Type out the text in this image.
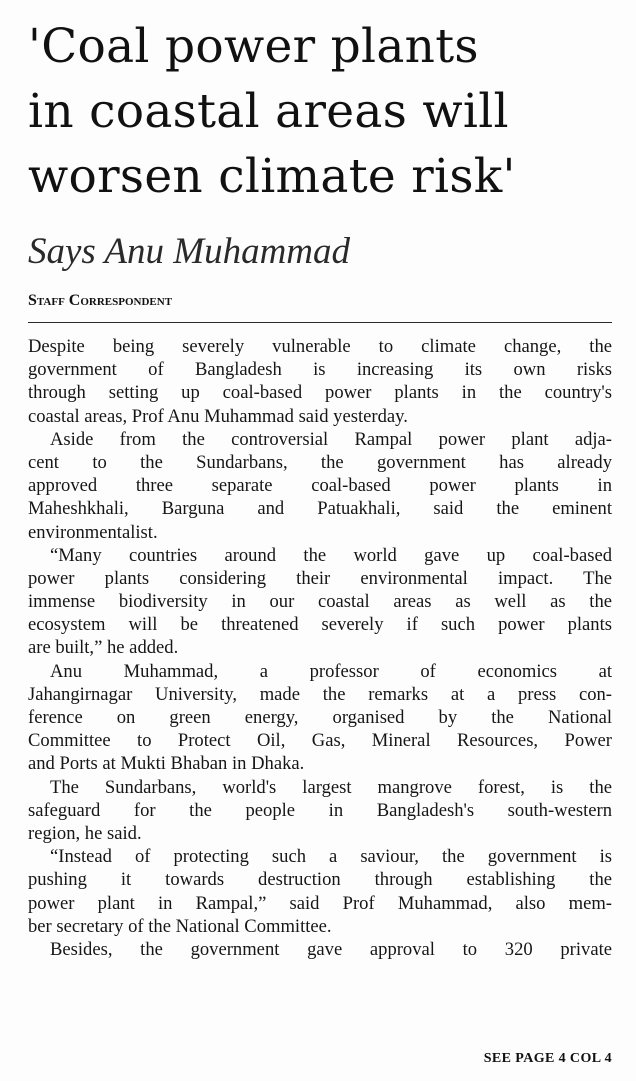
'Coal power plants
in coastal areas will
worsen climate risk'
Says Anu Muhammad
Staff Correspondent
Despite being severely vulnerable to climate change, the
government of Bangladesh is increasing its own risks
through setting up coal-based power plants in the country's
coastal areas, Prof Anu Muhammad said yesterday.
Aside from the controversial Rampal power plant adja-
cent to the Sundarbans, the government has already
approved three separate coal-based power plants in
Maheshkhali, Barguna and Patuakhali, said the eminent
environmentalist.
“Many countries around the world gave up coal-based
power plants considering their environmental impact. The
immense biodiversity in our coastal areas as well as the
ecosystem will be threatened severely if such power plants
are built,” he added.
Anu Muhammad, a professor of economics at
Jahangirnagar University, made the remarks at a press con-
ference on green energy, organised by the National
Committee to Protect Oil, Gas, Mineral Resources, Power
and Ports at Mukti Bhaban in Dhaka.
The Sundarbans, world's largest mangrove forest, is the
safeguard for the people in Bangladesh's south-western
region, he said.
“Instead of protecting such a saviour, the government is
pushing it towards destruction through establishing the
power plant in Rampal,” said Prof Muhammad, also mem-
ber secretary of the National Committee.
Besides, the government gave approval to 320 private
SEE PAGE 4 COL 4
